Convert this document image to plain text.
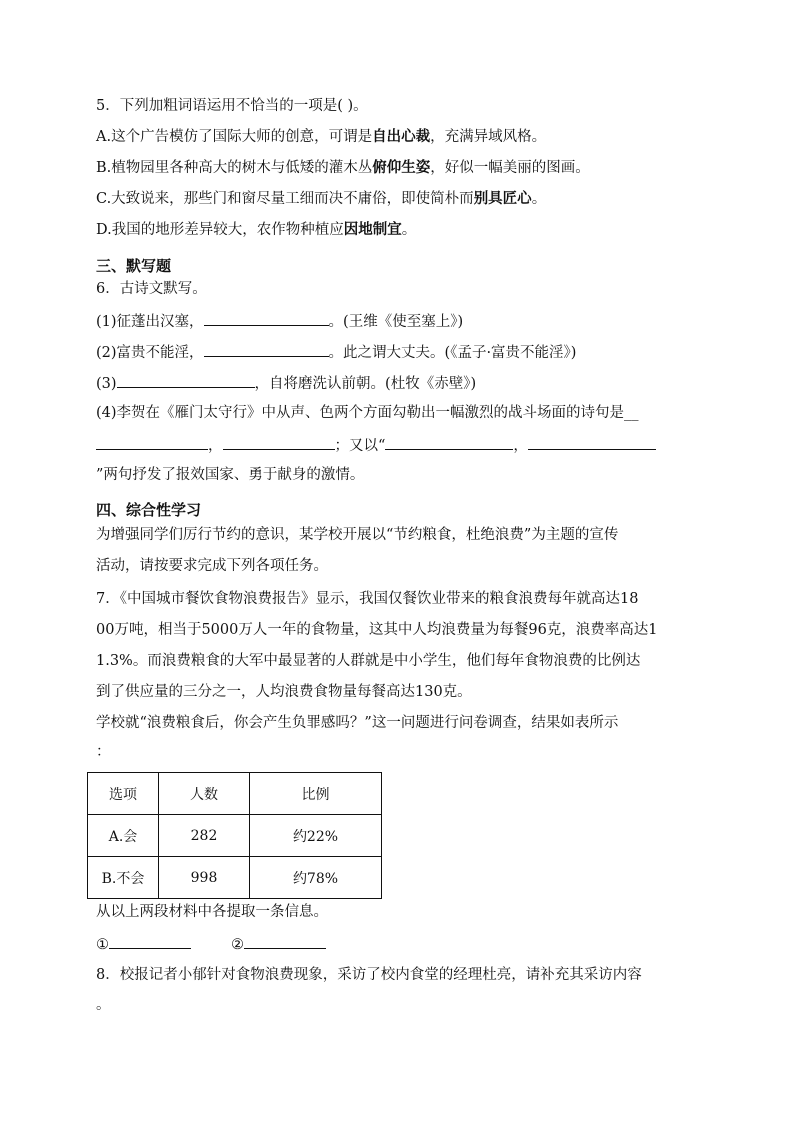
5．下列加粗词语运用不恰当的一项是( )。
A.这个广告模仿了国际大师的创意，可谓是自出心裁，充满异域风格。
B.植物园里各种高大的树木与低矮的灌木丛俯仰生姿，好似一幅美丽的图画。
C.大致说来，那些门和窗尽量工细而决不庸俗，即使简朴而别具匠心。
D.我国的地形差异较大，农作物种植应因地制宜。
三、默写题
6．古诗文默写。
(1)征蓬出汉塞，	。(王维《使至塞上》)
(2)富贵不能淫，	。此之谓大丈夫。(《孟子·富贵不能淫》)
(3)	，自将磨洗认前朝。(杜牧《赤壁》)
(4)李贺在《雁门太守行》中从声、色两个方面勾勒出一幅激烈的战斗场面的诗句是__
，	；又以“	，
”两句抒发了报效国家、勇于献身的激情。
四、综合性学习
为增强同学们厉行节约的意识，某学校开展以“节约粮食，杜绝浪费”为主题的宣传
活动，请按要求完成下列各项任务。
7．《中国城市餐饮食物浪费报告》显示，我国仅餐饮业带来的粮食浪费每年就高达18
00万吨，相当于5000万人一年的食物量，这其中人均浪费量为每餐96克，浪费率高达1
1.3%。而浪费粮食的大军中最显著的人群就是中小学生，他们每年食物浪费的比例达
到了供应量的三分之一，人均浪费食物量每餐高达130克。
学校就“浪费粮食后，你会产生负罪感吗？”这一问题进行问卷调查，结果如表所示
：
选项	人数	比例
A.会	282	约22%
B.不会	998	约78%
从以上两段材料中各提取一条信息。
①	②
8．校报记者小郁针对食物浪费现象，采访了校内食堂的经理杜亮，请补充其采访内容
。
